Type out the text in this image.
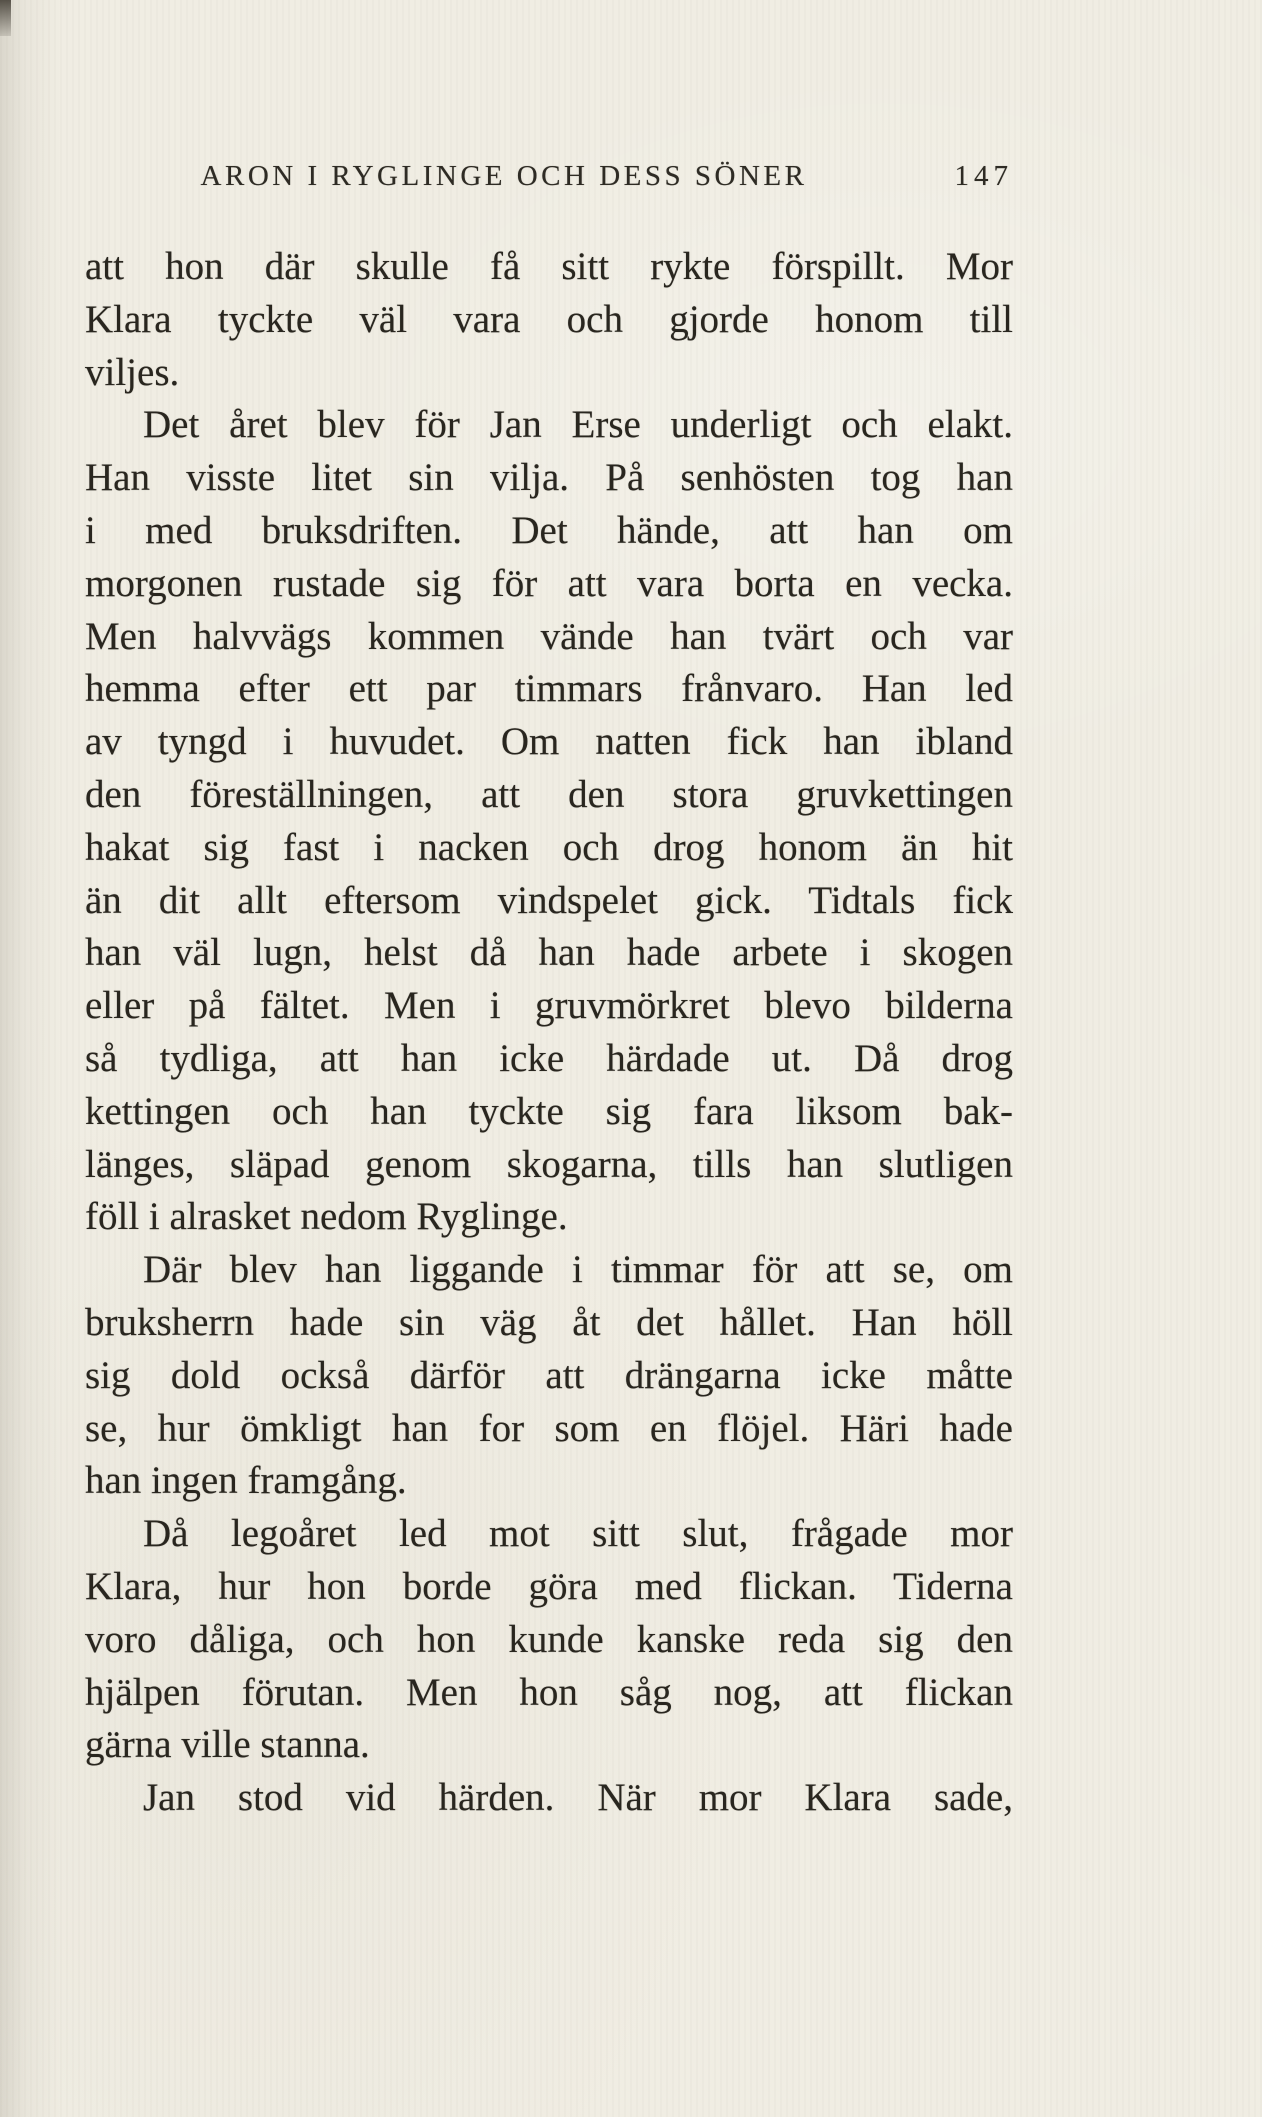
ARON I RYGLINGE OCH DESS SÖNER	147
att hon där skulle få sitt rykte förspillt. Mor
Klara tyckte väl vara och gjorde honom till
viljes.
Det året blev för Jan Erse underligt och elakt.
Han visste litet sin vilja. På senhösten tog han
i med bruksdriften. Det hände, att han om
morgonen rustade sig för att vara borta en vecka.
Men halvvägs kommen vände han tvärt och var
hemma efter ett par timmars frånvaro. Han led
av tyngd i huvudet. Om natten fick han ibland
den föreställningen, att den stora gruvkettingen
hakat sig fast i nacken och drog honom än hit
än dit allt eftersom vindspelet gick. Tidtals fick
han väl lugn, helst då han hade arbete i skogen
eller på fältet. Men i gruvmörkret blevo bilderna
så tydliga, att han icke härdade ut. Då drog
kettingen och han tyckte sig fara liksom bak-
länges, släpad genom skogarna, tills han slutligen
föll i alrasket nedom Ryglinge.
Där blev han liggande i timmar för att se, om
bruksherrn hade sin väg åt det hållet. Han höll
sig dold också därför att drängarna icke måtte
se, hur ömkligt han for som en flöjel. Häri hade
han ingen framgång.
Då legoåret led mot sitt slut, frågade mor
Klara, hur hon borde göra med flickan. Tiderna
voro dåliga, och hon kunde kanske reda sig den
hjälpen förutan. Men hon såg nog, att flickan
gärna ville stanna.
Jan stod vid härden. När mor Klara sade,
